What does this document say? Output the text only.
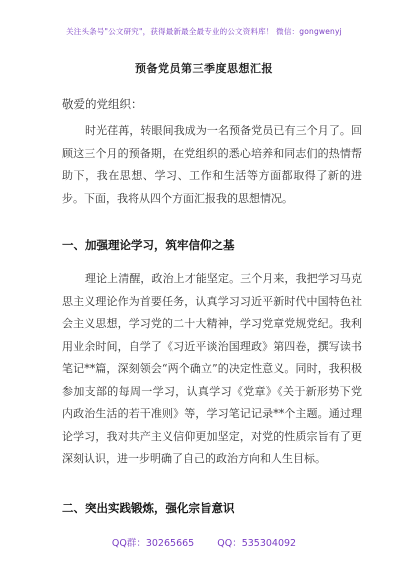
关注头条号"公文研究"，获得最新最全最专业的公文资料库！ 微信：gongwenyj
预备党员第三季度思想汇报
敬爱的党组织：
时光荏苒，转眼间我成为一名预备党员已有三个月了。回顾这三个月的预备期，在党组织的悉心培养和同志们的热情帮助下，我在思想、学习、工作和生活等方面都取得了新的进步。下面，我将从四个方面汇报我的思想情况。
一、加强理论学习，筑牢信仰之基
理论上清醒，政治上才能坚定。三个月来，我把学习马克思主义理论作为首要任务，认真学习习近平新时代中国特色社会主义思想，学习党的二十大精神，学习党章党规党纪。我利用业余时间，自学了《习近平谈治国理政》第四卷，撰写读书笔记**篇，深刻领会“两个确立”的决定性意义。同时，我积极参加支部的每周一学习，认真学习《党章》《关于新形势下党内政治生活的若干准则》等，学习笔记记录**个主题。通过理论学习，我对共产主义信仰更加坚定，对党的性质宗旨有了更深刻认识，进一步明确了自己的政治方向和人生目标。
二、突出实践锻炼，强化宗旨意识
QQ群：30265665 QQ：535304092
